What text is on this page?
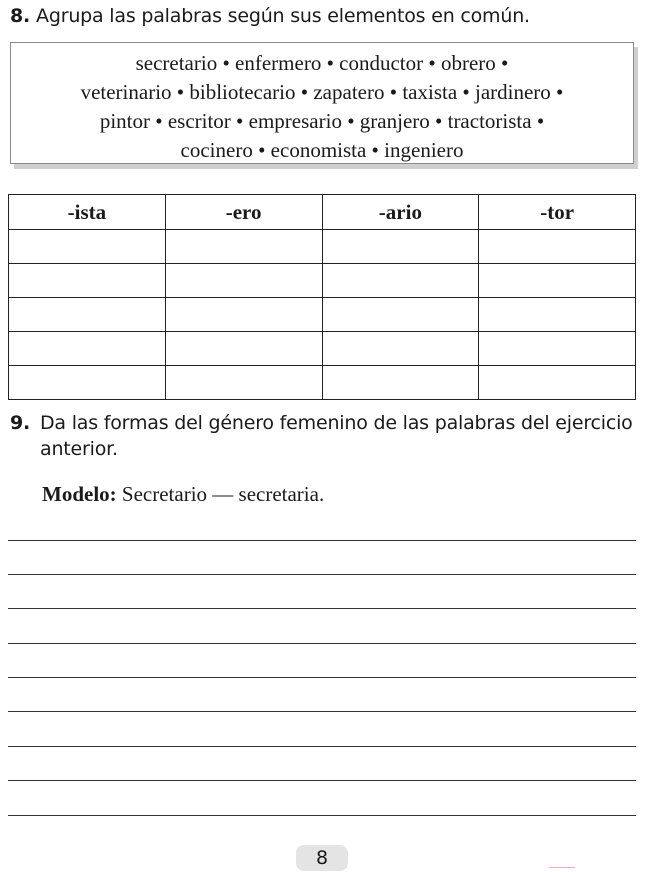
8. Agrupa las palabras según sus elementos en común.
secretario • enfermero • conductor • obrero •
veterinario • bibliotecario • zapatero • taxista • jardinero •
pintor • escritor • empresario • granjero • tractorista •
cocinero • economista • ingeniero
-ista	-ero	-ario	-tor

9. Da las formas del género femenino de las palabras del ejercicio anterior.
Modelo: Secretario — secretaria.
8
